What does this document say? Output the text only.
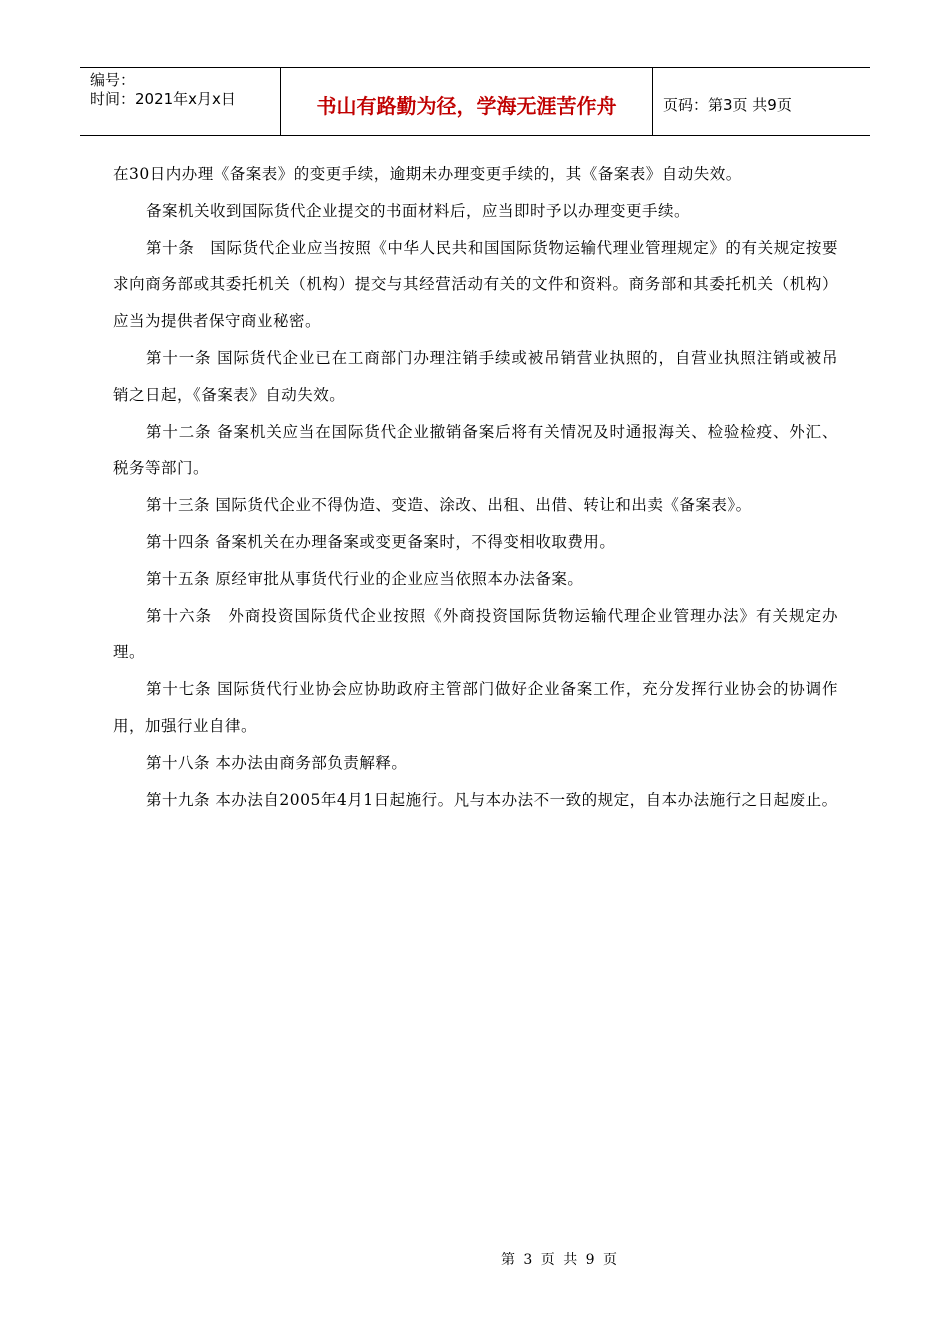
编号：
时间：2021年x月x日	书山有路勤为径，学海无涯苦作舟	页码：第3页 共9页

在30日内办理《备案表》的变更手续，逾期未办理变更手续的，其《备案表》自动失效。

备案机关收到国际货代企业提交的书面材料后，应当即时予以办理变更手续。

第十条　国际货代企业应当按照《中华人民共和国国际货物运输代理业管理规定》的有关规定按要求向商务部或其委托机关（机构）提交与其经营活动有关的文件和资料。商务部和其委托机关（机构）应当为提供者保守商业秘密。

第十一条 国际货代企业已在工商部门办理注销手续或被吊销营业执照的，自营业执照注销或被吊销之日起，《备案表》自动失效。

第十二条 备案机关应当在国际货代企业撤销备案后将有关情况及时通报海关、检验检疫、外汇、税务等部门。

第十三条 国际货代企业不得伪造、变造、涂改、出租、出借、转让和出卖《备案表》。

第十四条 备案机关在办理备案或变更备案时，不得变相收取费用。

第十五条 原经审批从事货代行业的企业应当依照本办法备案。

第十六条　外商投资国际货代企业按照《外商投资国际货物运输代理企业管理办法》有关规定办理。

第十七条 国际货代行业协会应协助政府主管部门做好企业备案工作，充分发挥行业协会的协调作用，加强行业自律。

第十八条 本办法由商务部负责解释。

第十九条 本办法自2005年4月1日起施行。凡与本办法不一致的规定，自本办法施行之日起废止。

第 3 页 共 9 页
